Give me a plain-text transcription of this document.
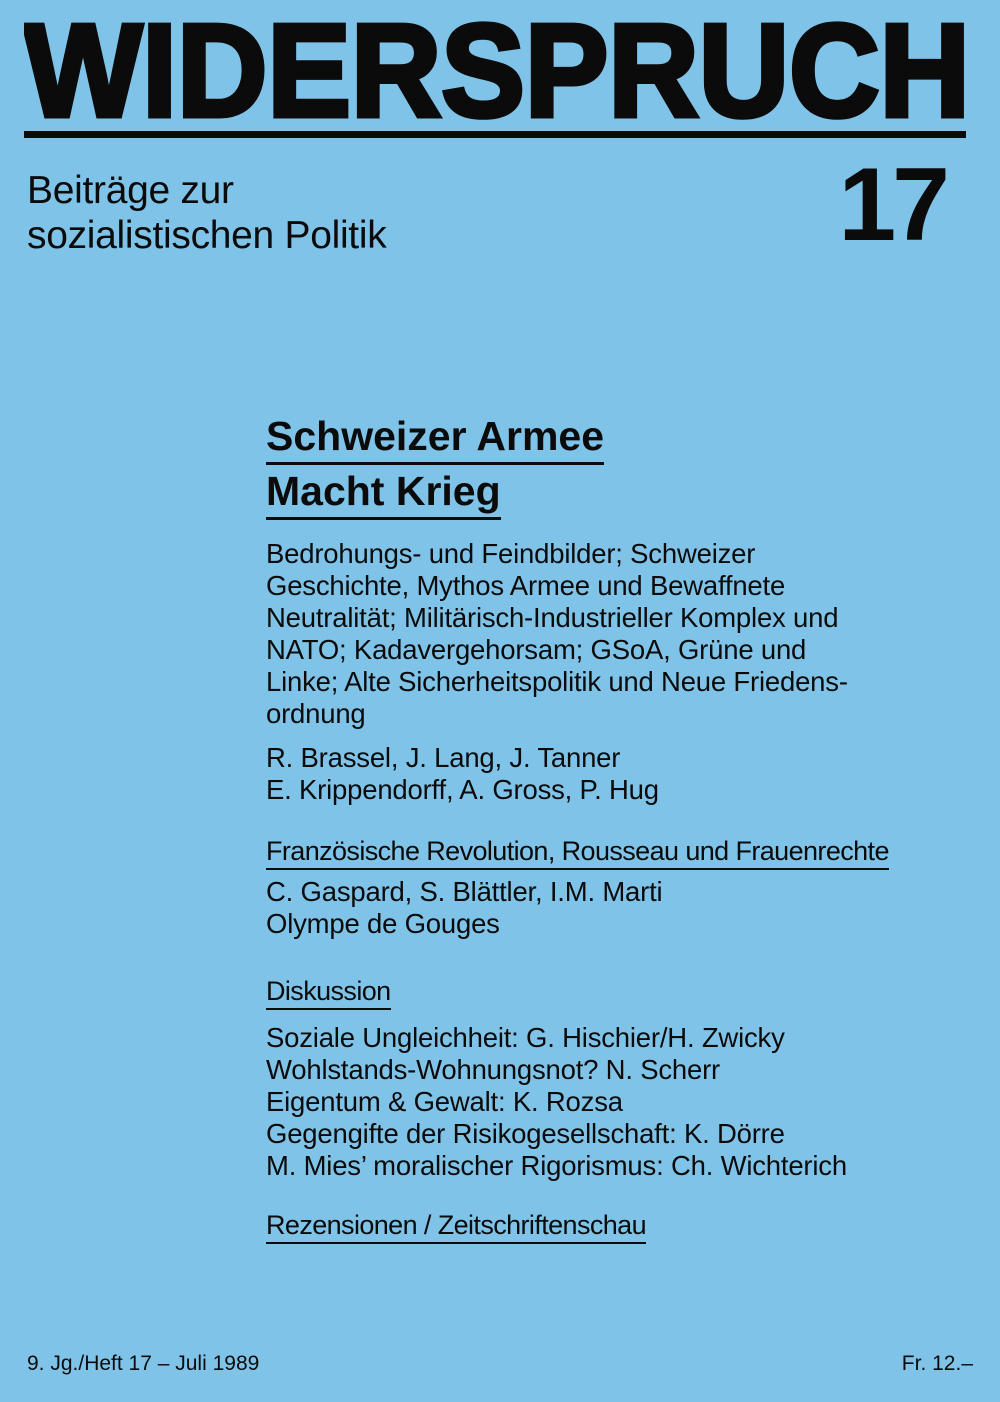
WIDERSPRUCH
Beiträge zur
sozialistischen Politik	17
Schweizer Armee
Macht Krieg
Bedrohungs- und Feindbilder; Schweizer
Geschichte, Mythos Armee und Bewaffnete
Neutralität; Militärisch-Industrieller Komplex und
NATO; Kadavergehorsam; GSoA, Grüne und
Linke; Alte Sicherheitspolitik und Neue Friedens-
ordnung
R. Brassel, J. Lang, J. Tanner
E. Krippendorff, A. Gross, P. Hug
Französische Revolution, Rousseau und Frauenrechte
C. Gaspard, S. Blättler, I.M. Marti
Olympe de Gouges
Diskussion
Soziale Ungleichheit: G. Hischier/H. Zwicky
Wohlstands-Wohnungsnot? N. Scherr
Eigentum & Gewalt: K. Rozsa
Gegengifte der Risikogesellschaft: K. Dörre
M. Mies’ moralischer Rigorismus: Ch. Wichterich
Rezensionen / Zeitschriftenschau
9. Jg./Heft 17 – Juli 1989	Fr. 12.–
